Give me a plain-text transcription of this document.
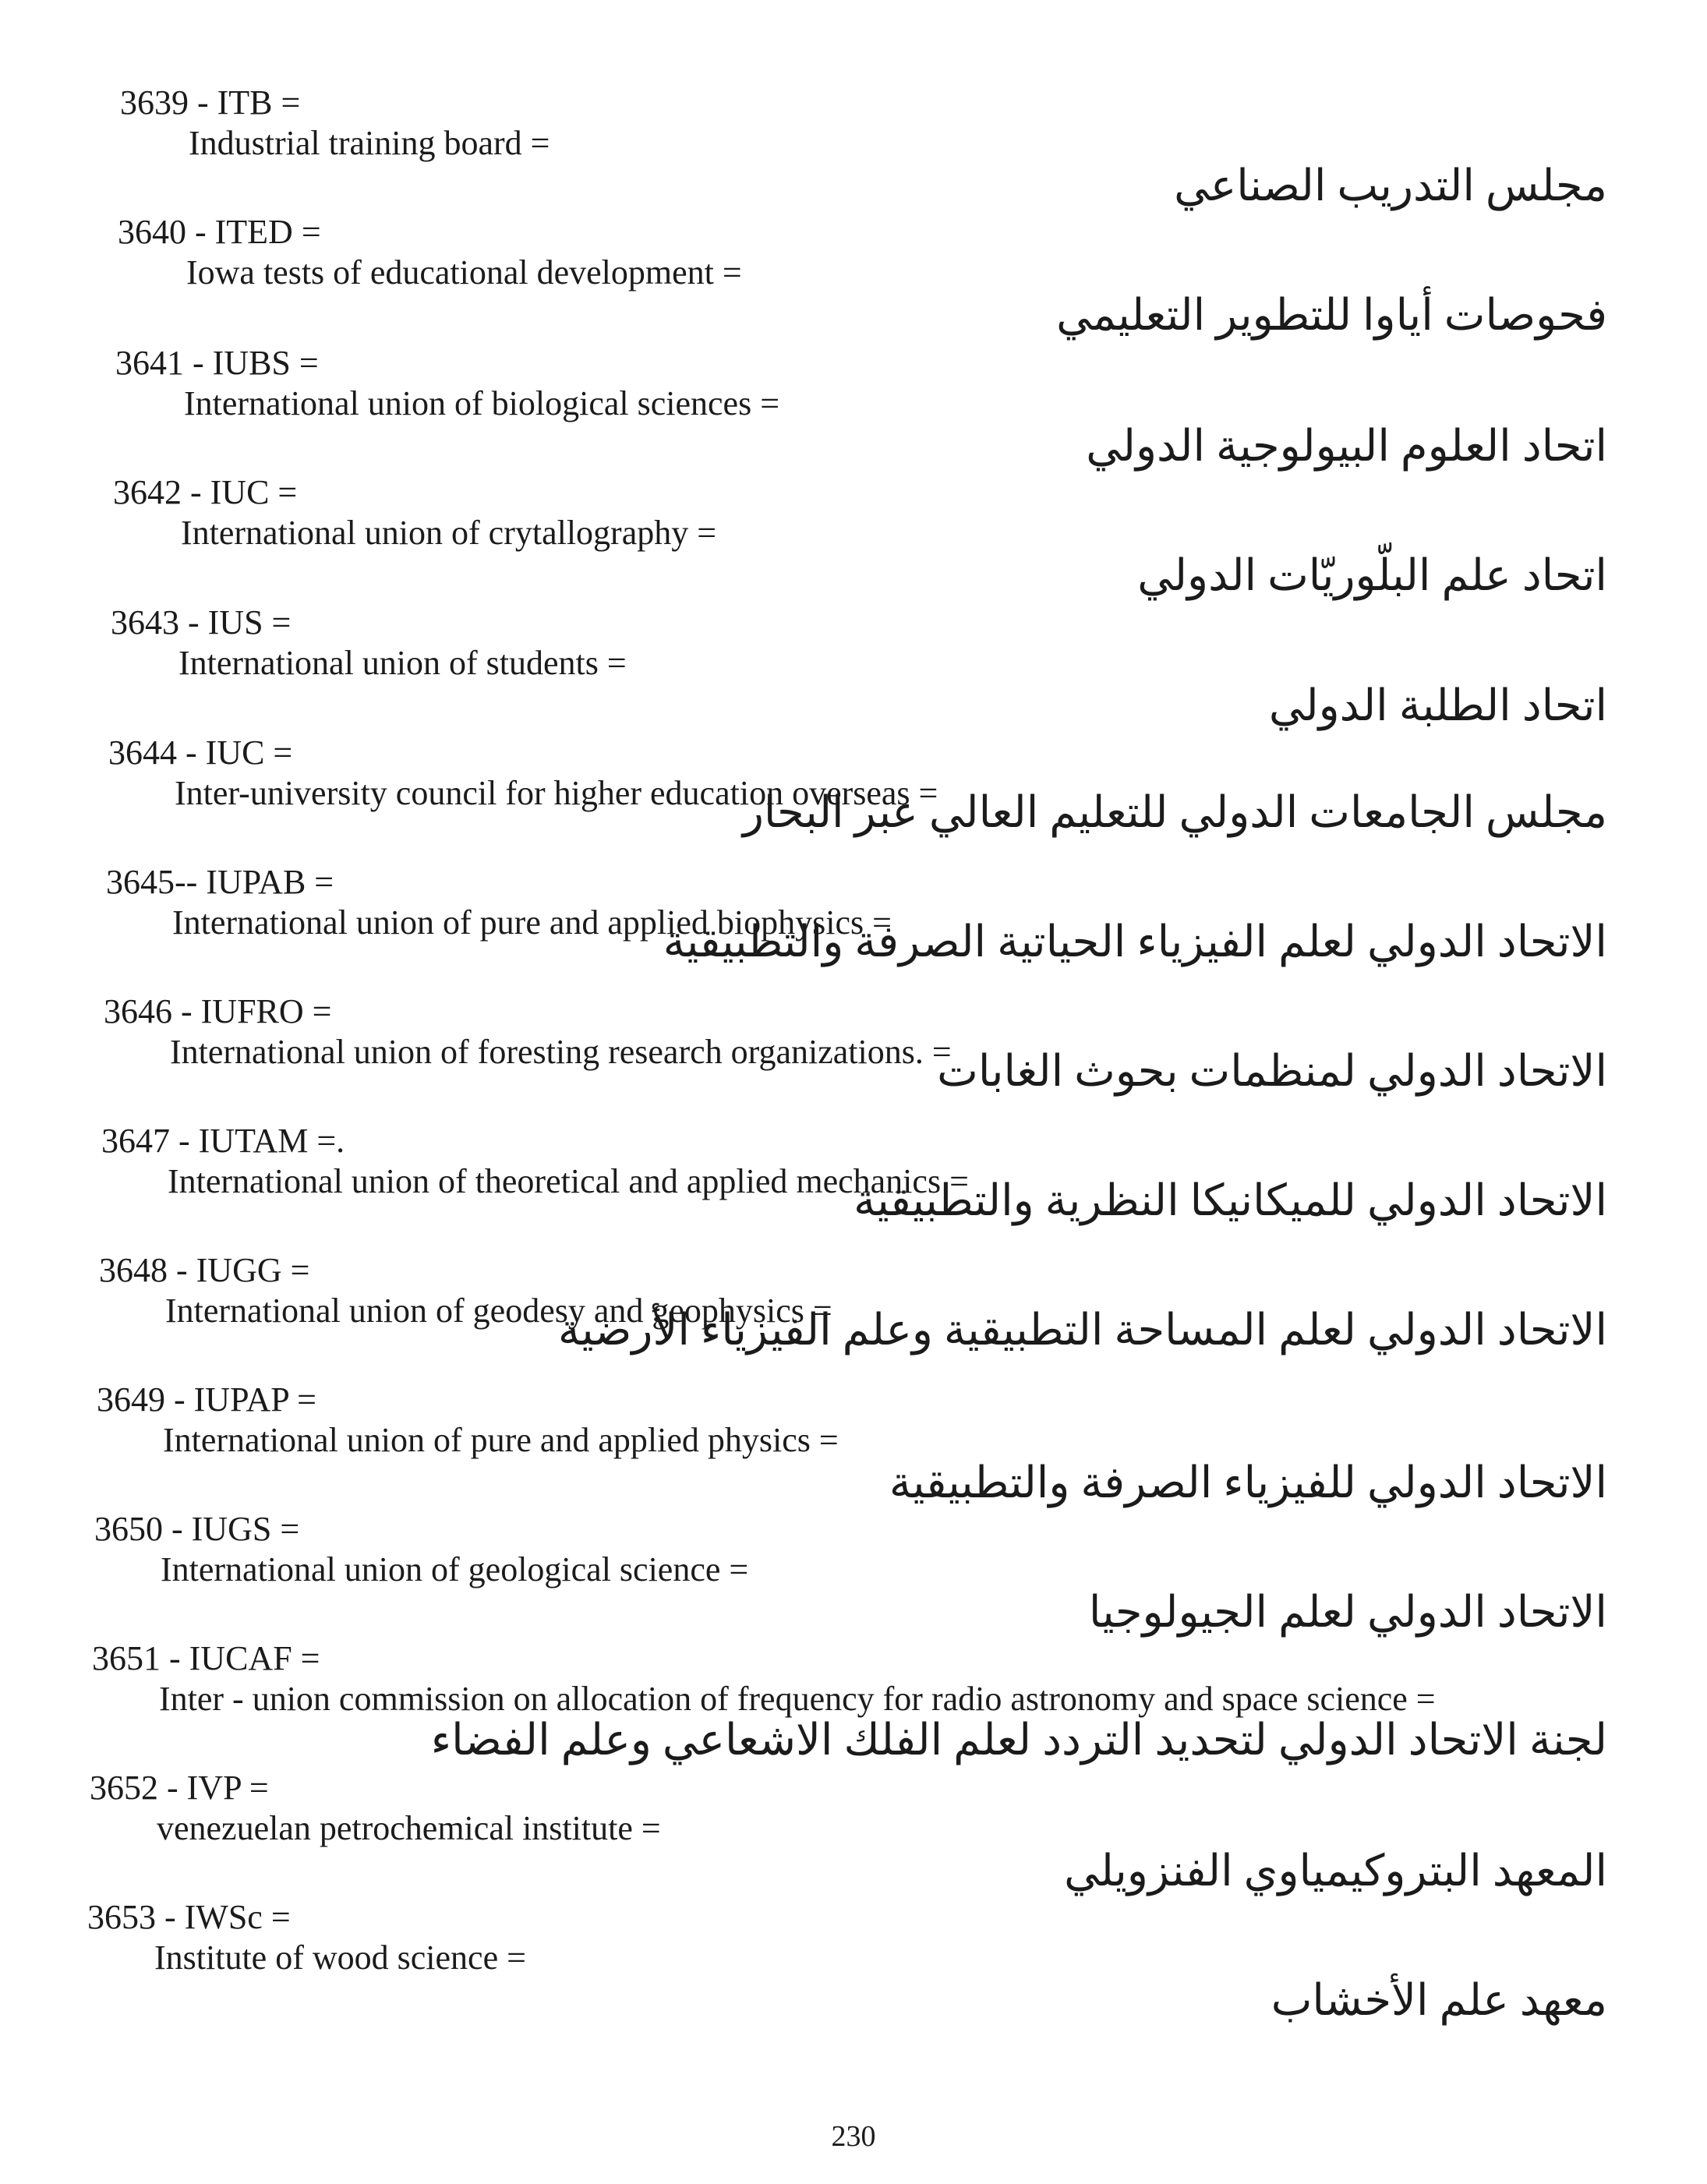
3639 - ITB =
Industrial training board =
مجلس التدريب الصناعي
3640 - ITED =
Iowa tests of educational development =
فحوصات أياوا للتطوير التعليمي
3641 - IUBS =
International union of biological sciences =
اتحاد العلوم البيولوجية الدولي
3642 - IUC =
International union of crytallography =
اتحاد علم البلّوريّات الدولي
3643 - IUS =
International union of students =
اتحاد الطلبة الدولي
3644 - IUC =
Inter-university council for higher education overseas =
مجلس الجامعات الدولي للتعليم العالي عبر البحار
3645-- IUPAB =
International union of pure and applied biophysics =
الاتحاد الدولي لعلم الفيزياء الحياتية الصرفة والتطبيقية
3646 - IUFRO =
International union of foresting research organizations. =
الاتحاد الدولي لمنظمات بحوث الغابات
3647 - IUTAM =.
International union of theoretical and applied mechanics =
الاتحاد الدولي للميكانيكا النظرية والتطبيقية
3648 - IUGG =
International union of geodesy and geophysics =
الاتحاد الدولي لعلم المساحة التطبيقية وعلم الفيزياء الأرضية
3649 - IUPAP =
International union of pure and applied physics =
الاتحاد الدولي للفيزياء الصرفة والتطبيقية
3650 - IUGS =
International union of geological science =
الاتحاد الدولي لعلم الجيولوجيا
3651 - IUCAF =
Inter - union commission on allocation of frequency for radio astronomy and space science =
لجنة الاتحاد الدولي لتحديد التردد لعلم الفلك الاشعاعي وعلم الفضاء
3652 - IVP =
venezuelan petrochemical institute =
المعهد البتروكيمياوي الفنزويلي
3653 - IWSc =
Institute of wood science =
معهد علم الأخشاب
230
